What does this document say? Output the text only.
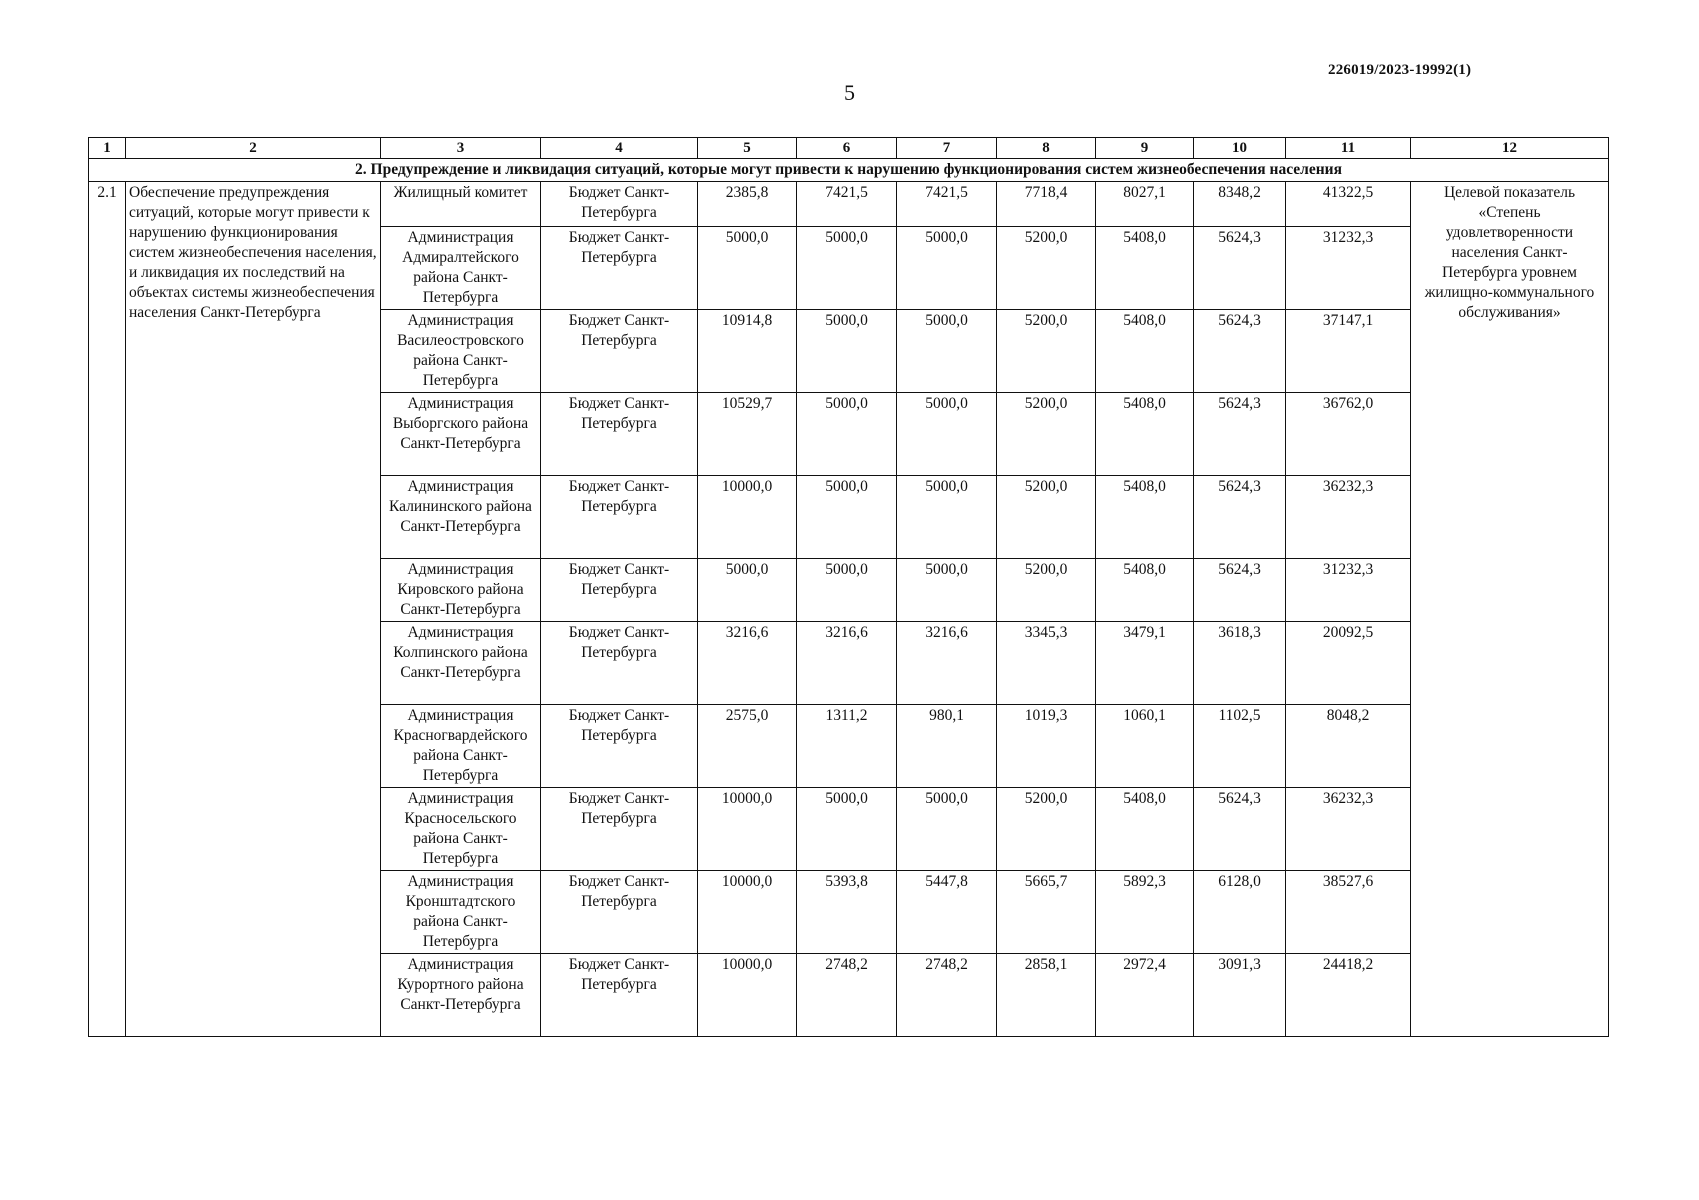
226019/2023-19992(1)
5
1	2	3	4	5	6	7	8	9	10	11	12
2. Предупреждение и ликвидация ситуаций, которые могут привести к нарушению функционирования систем жизнеобеспечения населения											
2.1	Обеспечение предупреждения ситуаций, которые могут привести к нарушению функционирования систем жизнеобеспечения населения, и ликвидация их последствий на объектах системы жизнеобеспечения населения Санкт-Петербурга	Жилищный комитет	Бюджет Санкт-Петербурга	2385,8	7421,5	7421,5	7718,4	8027,1	8348,2	41322,5	Целевой показатель «Степень удовлетворенности населения Санкт-Петербурга уровнем жилищно-коммунального обслуживания»
		Администрация Адмиралтейского района Санкт-Петербурга	Бюджет Санкт-Петербурга	5000,0	5000,0	5000,0	5200,0	5408,0	5624,3	31232,3	
		Администрация Василеостровского района Санкт-Петербурга	Бюджет Санкт-Петербурга	10914,8	5000,0	5000,0	5200,0	5408,0	5624,3	37147,1	
		Администрация Выборгского района Санкт-Петербурга	Бюджет Санкт-Петербурга	10529,7	5000,0	5000,0	5200,0	5408,0	5624,3	36762,0	
		Администрация Калининского района Санкт-Петербурга	Бюджет Санкт-Петербурга	10000,0	5000,0	5000,0	5200,0	5408,0	5624,3	36232,3	
		Администрация Кировского района Санкт-Петербурга	Бюджет Санкт-Петербурга	5000,0	5000,0	5000,0	5200,0	5408,0	5624,3	31232,3	
		Администрация Колпинского района Санкт-Петербурга	Бюджет Санкт-Петербурга	3216,6	3216,6	3216,6	3345,3	3479,1	3618,3	20092,5	
		Администрация Красногвардейского района Санкт-Петербурга	Бюджет Санкт-Петербурга	2575,0	1311,2	980,1	1019,3	1060,1	1102,5	8048,2	
		Администрация Красносельского района Санкт-Петербурга	Бюджет Санкт-Петербурга	10000,0	5000,0	5000,0	5200,0	5408,0	5624,3	36232,3	
		Администрация Кронштадтского района Санкт-Петербурга	Бюджет Санкт-Петербурга	10000,0	5393,8	5447,8	5665,7	5892,3	6128,0	38527,6	
		Администрация Курортного района Санкт-Петербурга	Бюджет Санкт-Петербурга	10000,0	2748,2	2748,2	2858,1	2972,4	3091,3	24418,2	
